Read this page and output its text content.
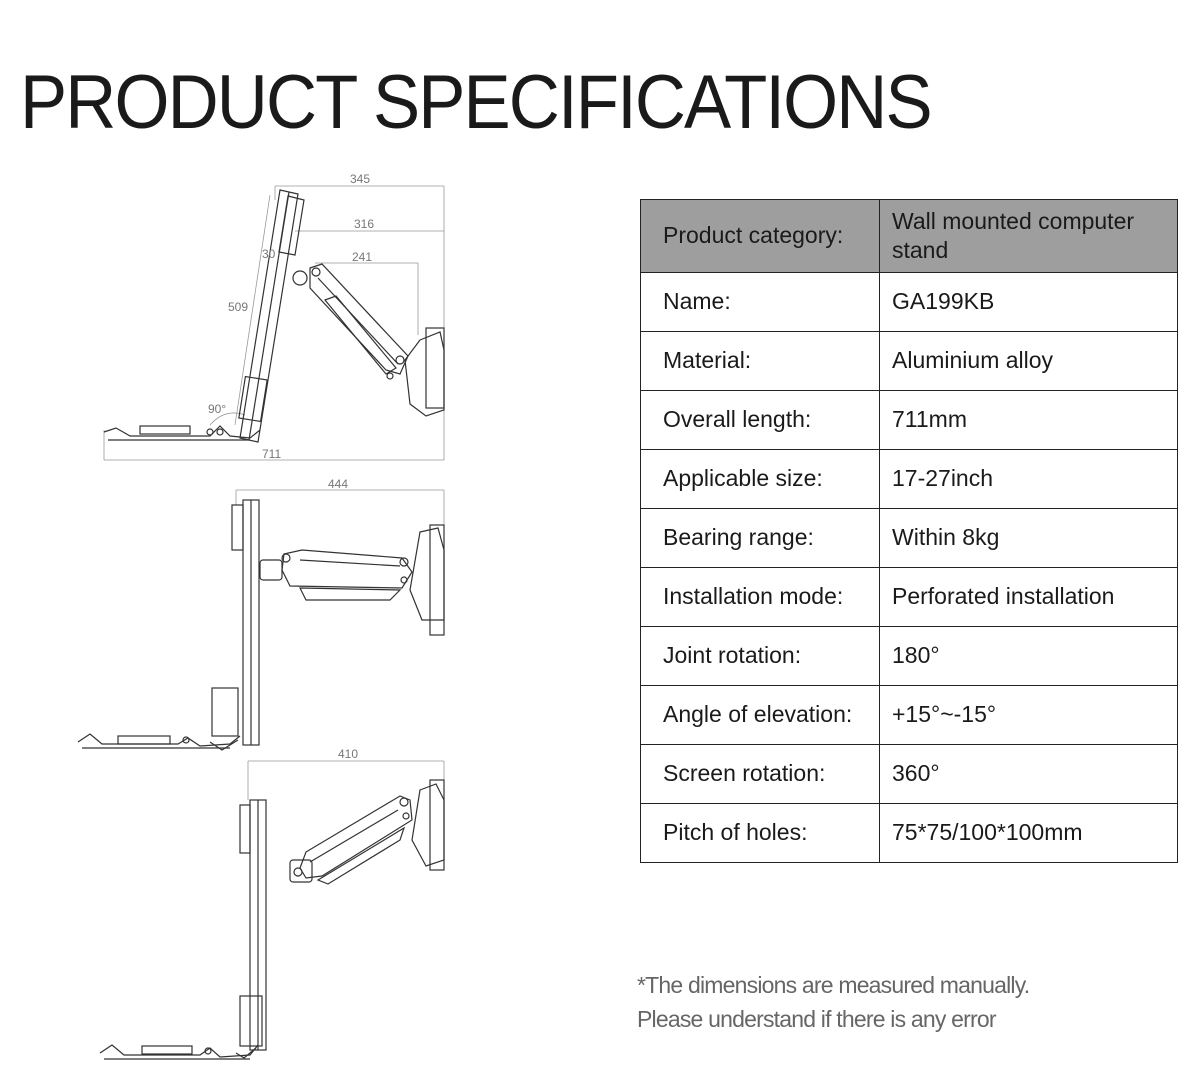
PRODUCT SPECIFICATIONS
345
316
241
30
509
90°
711
444
410
Product category:	Wall mounted computer stand
Name:	GA199KB
Material:	Aluminium alloy
Overall length:	711mm
Applicable size:	17-27inch
Bearing range:	Within 8kg
Installation mode:	Perforated installation
Joint rotation:	180°
Angle of elevation:	+15°~-15°
Screen rotation:	360°
Pitch of holes:	75*75/100*100mm
*The dimensions are measured manually.
Please understand if there is any error
